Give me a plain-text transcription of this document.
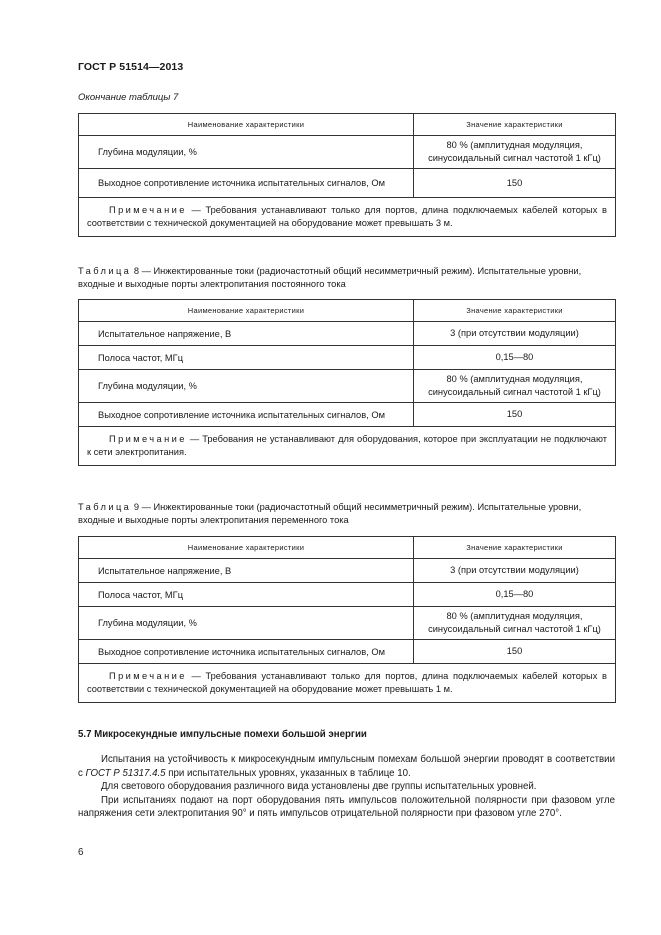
ГОСТ Р 51514—2013
Окончание таблицы 7
Наименование характеристики	Значение характеристики
Глубина модуляции, %	80 % (амплитудная модуляция,
синусоидальный сигнал частотой 1 кГц)
Выходное сопротивление источника испытательных сигналов, Ом	150
Примечание — Требования устанавливают только для портов, длина подключаемых кабелей которых в соответствии с технической документацией на оборудование может превышать 3 м.	
Таблица 8 — Инжектированные токи (радиочастотный общий несимметричный режим). Испытательные уровни, входные и выходные порты электропитания постоянного тока
Наименование характеристики	Значение характеристики
Испытательное напряжение, В	3 (при отсутствии модуляции)
Полоса частот, МГц	0,15—80
Глубина модуляции, %	80 % (амплитудная модуляция,
синусоидальный сигнал частотой 1 кГц)
Выходное сопротивление источника испытательных сигналов, Ом	150
Примечание — Требования не устанавливают для оборудования, которое при эксплуатации не подключают к сети электропитания.	
Таблица 9 — Инжектированные токи (радиочастотный общий несимметричный режим). Испытательные уровни, входные и выходные порты электропитания переменного тока
Наименование характеристики	Значение характеристики
Испытательное напряжение, В	3 (при отсутствии модуляции)
Полоса частот, МГц	0,15—80
Глубина модуляции, %	80 % (амплитудная модуляция,
синусоидальный сигнал частотой 1 кГц)
Выходное сопротивление источника испытательных сигналов, Ом	150
Примечание — Требования устанавливают только для портов, длина подключаемых кабелей которых в соответствии с технической документацией на оборудование может превышать 1 м.	
5.7 Микросекундные импульсные помехи большой энергии

Испытания на устойчивость к микросекундным импульсным помехам большой энергии проводят в соответствии с ГОСТ Р 51317.4.5 при испытательных уровнях, указанных в таблице 10.

Для светового оборудования различного вида установлены две группы испытательных уровней.

При испытаниях подают на порт оборудования пять импульсов положительной полярности при фазовом угле напряжения сети электропитания 90° и пять импульсов отрицательной полярности при фазовом угле 270°.

6
